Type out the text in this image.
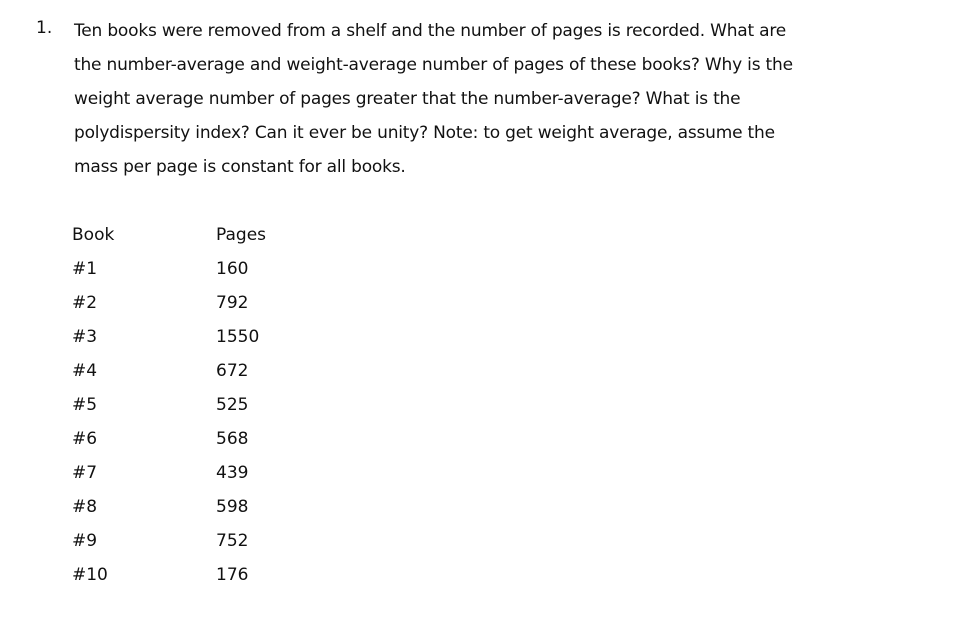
1. Ten books were removed from a shelf and the number of pages is recorded. What are
the number-average and weight-average number of pages of these books? Why is the
weight average number of pages greater that the number-average? What is the
polydispersity index? Can it ever be unity? Note: to get weight average, assume the
mass per page is constant for all books.
Book	Pages
#1	160
#2	792
#3	1550
#4	672
#5	525
#6	568
#7	439
#8	598
#9	752
#10	176
